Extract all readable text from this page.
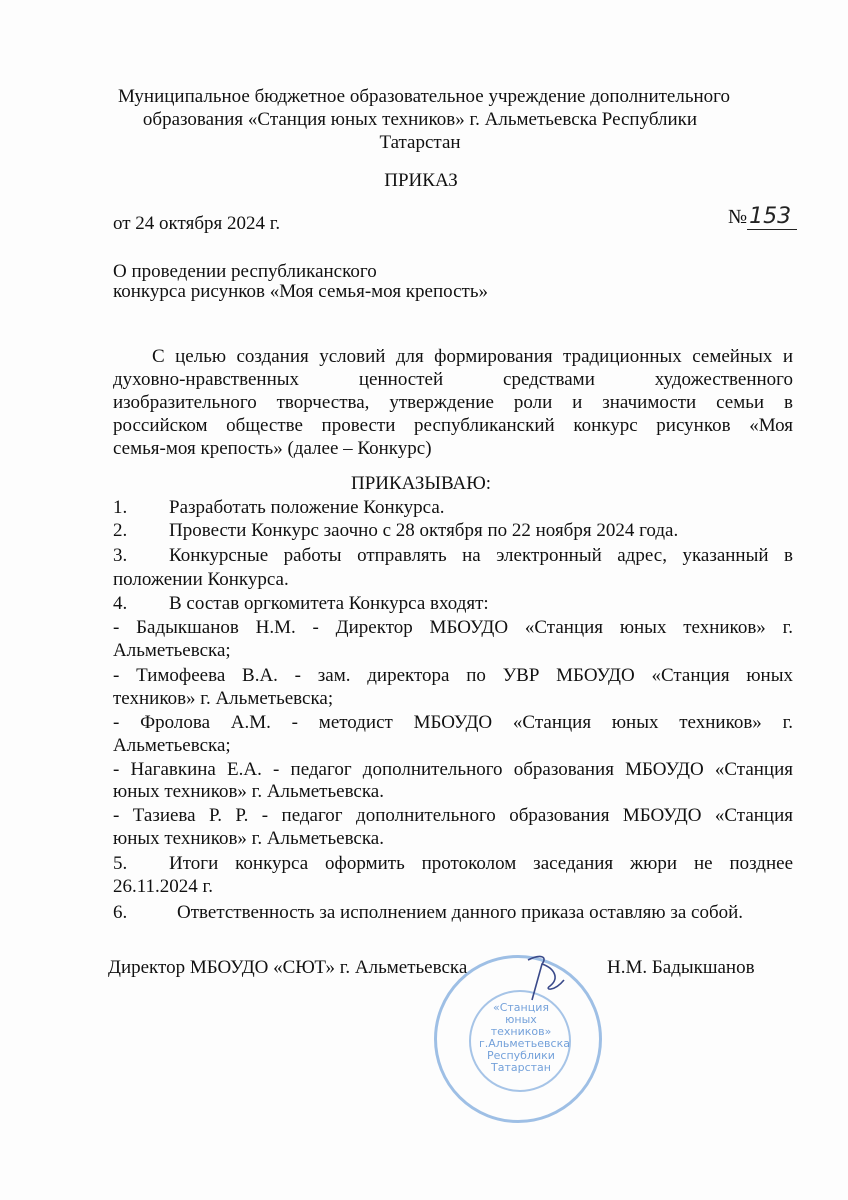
Муниципальное бюджетное образовательное учреждение дополнительного
образования «Станция юных техников» г. Альметьевска Республики
Татарстан
ПРИКАЗ
от 24 октября 2024 г.	№153
О проведении республиканского
конкурса рисунков «Моя семья-моя крепость»
С целью создания условий для формирования традиционных семейных и
духовно-нравственных ценностей средствами художественного
изобразительного творчества, утверждение роли и значимости семьи в
российском обществе провести республиканский конкурс рисунков «Моя
семья-моя крепость» (далее – Конкурс)
ПРИКАЗЫВАЮ:
1. Разработать положение Конкурса.
2. Провести Конкурс заочно с 28 октября по 22 ноября 2024 года.
3.	Конкурсные работы отправлять на электронный адрес, указанный в
положении Конкурса.
4. В состав оргкомитета Конкурса входят:
- Бадыкшанов Н.М. - Директор МБОУДО «Станция юных техников» г.
Альметьевска;
- Тимофеева В.А. - зам. директора по УВР МБОУДО «Станция юных
техников» г. Альметьевска;
- Фролова А.М. - методист МБОУДО «Станция юных техников» г.
Альметьевска;
- Нагавкина Е.А. - педагог дополнительного образования МБОУДО «Станция
юных техников» г. Альметьевска.
- Тазиева Р. Р. - педагог дополнительного образования МБОУДО «Станция
юных техников» г. Альметьевска.
5. Итоги конкурса оформить протоколом заседания жюри не позднее
26.11.2024 г.
6.	Ответственность за исполнением данного приказа оставляю за собой.
«Станция юных техников» г.Альметьевска Республики Татарстан
Директор МБОУДО «СЮТ» г. Альметьевска	Н.М. Бадыкшанов
